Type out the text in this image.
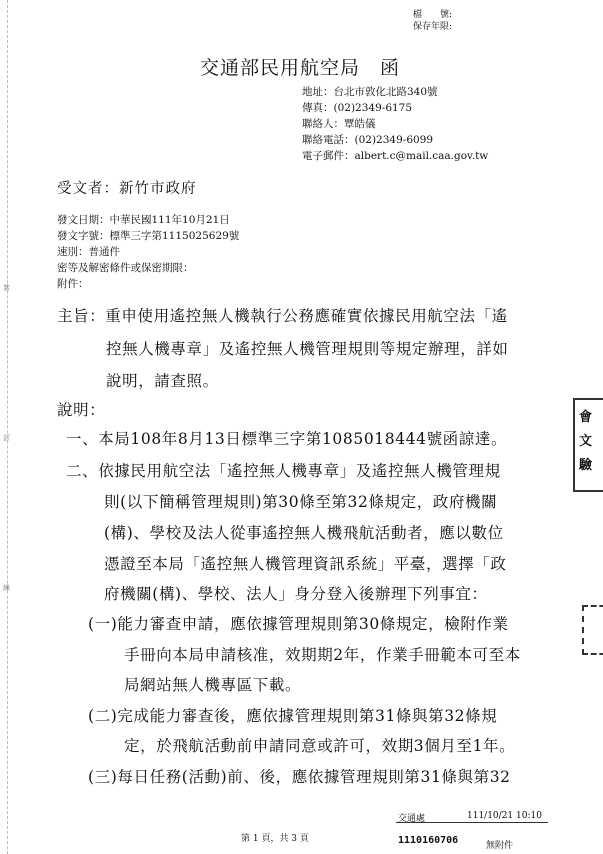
裝
訂
線
檔　　號:
保存年限:
交通部民用航空局　函
地址：台北市敦化北路340號
傳真：(02)2349-6175
聯絡人：覃皓儀
聯絡電話：(02)2349-6099
電子郵件：albert.c@mail.caa.gov.tw
受文者：新竹市政府
發文日期：中華民國111年10月21日
發文字號：標準三字第1115025629號
速別：普通件
密等及解密條件或保密期限：
附件：
主旨：重申使用遙控無人機執行公務應確實依據民用航空法「遙
控無人機專章」及遙控無人機管理規則等規定辦理，詳如
說明，請查照。
說明：
一、本局108年8月13日標準三字第1085018444號函諒達。
二、依據民用航空法「遙控無人機專章」及遙控無人機管理規
則(以下簡稱管理規則)第30條至第32條規定，政府機關
(構)、學校及法人從事遙控無人機飛航活動者，應以數位
憑證至本局「遙控無人機管理資訊系統」平臺，選擇「政
府機關(構)、學校、法人」身分登入後辦理下列事宜：
(一)能力審查申請，應依據管理規則第30條規定，檢附作業
手冊向本局申請核准，效期期2年，作業手冊範本可至本
局網站無人機專區下載。
(二)完成能力審查後，應依據管理規則第31條與第32條規
定，於飛航活動前申請同意或許可，效期3個月至1年。
(三)每日任務(活動)前、後，應依據管理規則第31條與第32
會
文
驗
交通處	111/10/21 10:10
第 1 頁，共 3 頁	1110160706	無附件
